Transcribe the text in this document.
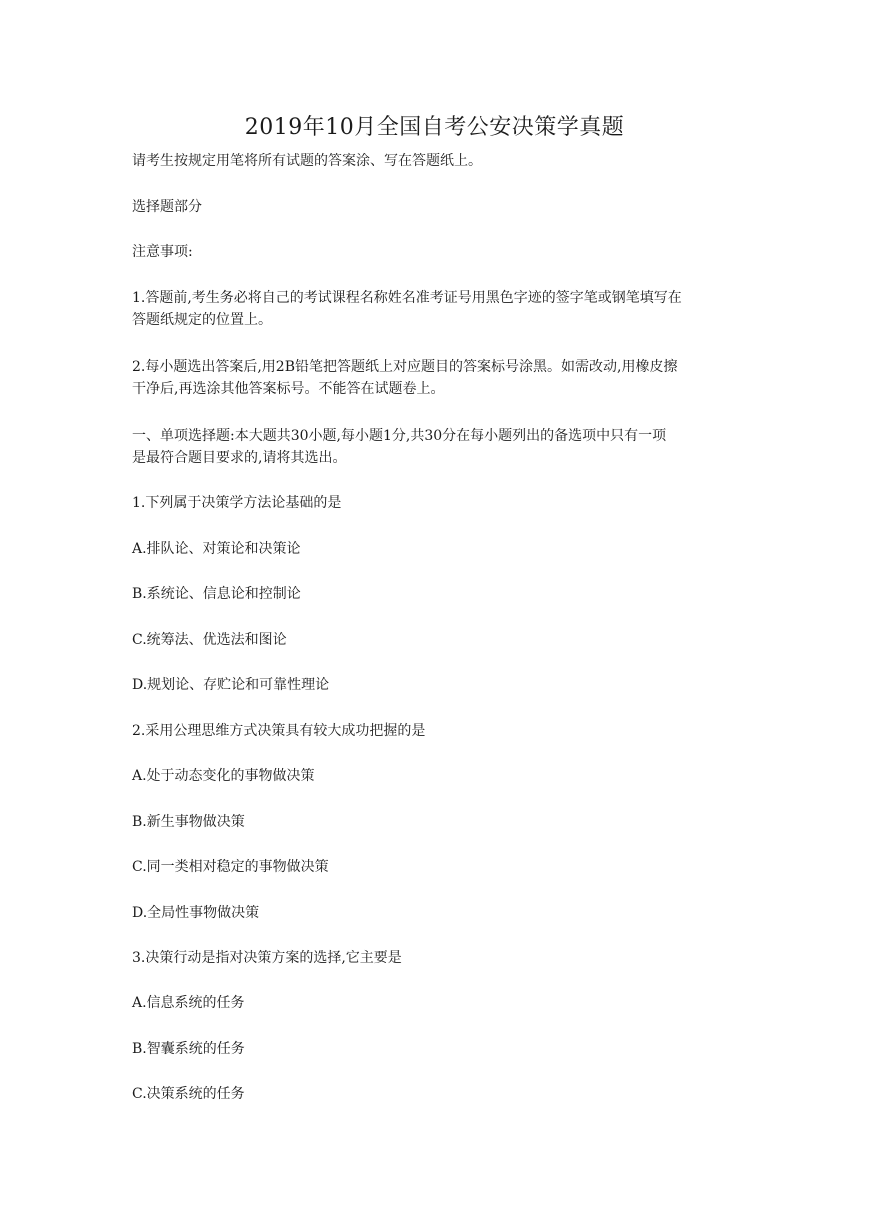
2019年10月全国自考公安决策学真题
请考生按规定用笔将所有试题的答案涂、写在答题纸上。
选择题部分
注意事项:
1.答题前,考生务必将自己的考试课程名称姓名准考证号用黑色字迹的签字笔或钢笔填写在
答题纸规定的位置上。
2.每小题选出答案后,用2B铅笔把答题纸上对应题目的答案标号涂黑。如需改动,用橡皮擦
干净后,再选涂其他答案标号。不能答在试题卷上。
一、单项选择题:本大题共30小题,每小题1分,共30分在每小题列出的备选项中只有一项
是最符合题目要求的,请将其选出。
1.下列属于决策学方法论基础的是
A.排队论、对策论和决策论
B.系统论、信息论和控制论
C.统筹法、优选法和图论
D.规划论、存贮论和可靠性理论
2.采用公理思维方式决策具有较大成功把握的是
A.处于动态变化的事物做决策
B.新生事物做决策
C.同一类相对稳定的事物做决策
D.全局性事物做决策
3.决策行动是指对决策方案的选择,它主要是
A.信息系统的任务
B.智囊系统的任务
C.决策系统的任务
